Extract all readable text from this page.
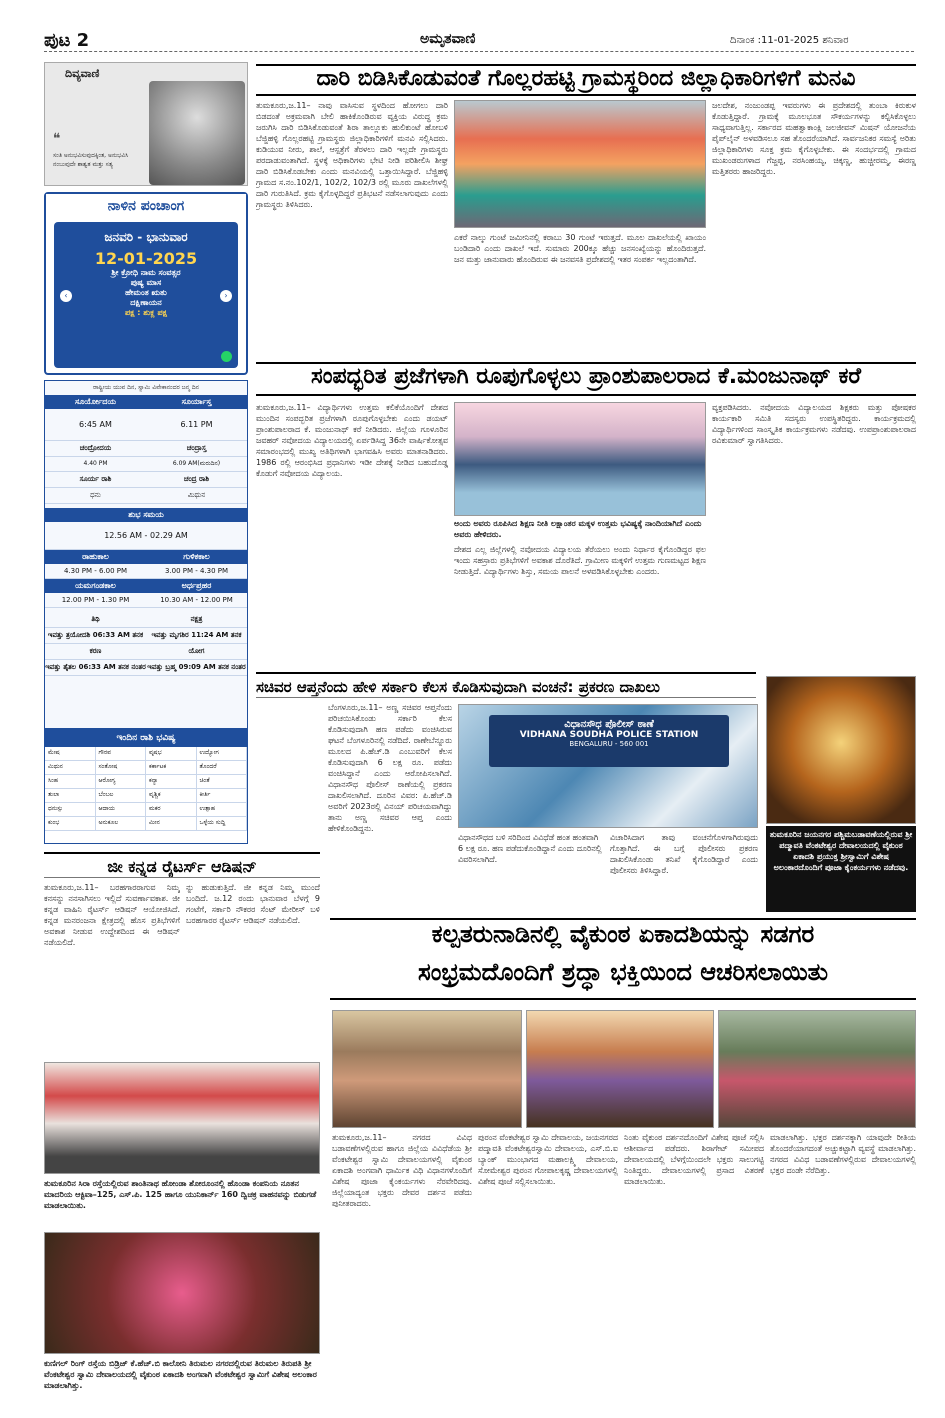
ಪುಟ 2	ಅಮೃತವಾಣಿ	ದಿನಾಂಕ :11-01-2025 ಶನಿವಾರ
ದಿವ್ಯವಾಣಿ
❝
ಸಂತಿ ಅನುಭವಿಸುವುದಕ್ಕಿಂತ, ಅನುಭವಿಸಿ ನಂಬುವುದೇ ಶಾಶ್ವತ ಮತ್ತು ಸತ್ಯ
ನಾಳಿನ ಪಂಚಾಂಗ
ಜನವರಿ - ಭಾನುವಾರ
12-01-2025
ಶ್ರೀ ಕ್ರೋಧಿ ನಾಮ ಸಂವತ್ಸರ
ಪುಷ್ಯ ಮಾಸ
ಹೇಮಂತ ಋತು
ದಕ್ಷಿಣಾಯನ
ಪಕ್ಷ : ಶುಕ್ಲ ಪಕ್ಷ
‹	›
ರಾಷ್ಟ್ರೀಯ ಯುವ ದಿನ, ಸ್ವಾಮಿ ವಿವೇಕಾನಂದರ ಜನ್ಮ ದಿನ
ಸೂರ್ಯೋದಯ	ಸೂರ್ಯಾಸ್ತ
6:45 AM	6.11 PM
ಚಂದ್ರೋದಯ	ಚಂದ್ರಾಸ್ತ
4.40 PM	6.09 AM(ಮರುದಿನ)
ಸೂರ್ಯ ರಾಶಿ	ಚಂದ್ರ ರಾಶಿ
ಧನು	ಮಿಥುನ
ಶುಭ ಸಮಯ
12.56 AM - 02.29 AM
ರಾಹುಕಾಲ	ಗುಳಿಕಕಾಲ
4.30 PM - 6.00 PM	3.00 PM - 4.30 PM
ಯಮಗಂಡಕಾಲ	ಅರ್ಧಪ್ರಹರ
12.00 PM - 1.30 PM	10.30 AM - 12.00 PM
ತಿಥಿ	ನಕ್ಷತ್ರ
ಇವತ್ತು ತ್ರಯೋದಶಿ 06:33 AM ತನಕ	ಇವತ್ತು ಮೃಗಶಿರ 11:24 AM ತನಕ
ಕರಣ	ಯೋಗ
ಇವತ್ತು ತೈತಲ 06:33 AM ತನಕ ನಂತರ ಇವತ್ತು ಬ್ರಹ್ಮ 09:09 AM ತನಕ ನಂತರ
ಇಂದಿನ ರಾಶಿ ಭವಿಷ್ಯ
ಮೇಷ	ಗೌರವ	ವೃಷಭ	ಉದ್ಯೋಗ
ಮಿಥುನ	ಸಂತೋಷ	ಕರ್ಕಾಟಕ	ತೊಂದರೆ
ಸಿಂಹ	ಆರೋಗ್ಯ	ಕನ್ಯಾ	ಚಿಂತೆ
ತುಲಾ	ಬೆಂಬಲ	ವೃಶ್ಚಿಕ	ಕೀರ್ತಿ
ಧನುಸ್ಸು	ಆದಾಯ	ಮಕರ	ಉತ್ಸಾಹ
ಕುಂಭ	ಅನುಕೂಲ	ಮೀನ	ಒಳ್ಳೆಯ ಸುದ್ದಿ
ಜೀ ಕನ್ನಡ ರೈಟರ್ಸ್ ಆಡಿಷನ್
ತುಮಕೂರು,ಜ.11– ಬರಹಗಾರರಾಗುವ ನಿಮ್ಮ ಕನಸನ್ನು ನನಸಾಗಿಸಲು ಇಲ್ಲಿದೆ ಸುವರ್ಣಾವಕಾಶ. ಜೀ ಕನ್ನಡ ವಾಹಿನಿ ರೈಟರ್ಸ್ ಆಡಿಷನ್ ಆಯೋಜಿಸಿದೆ. ಕನ್ನಡ ಮನರಂಜನಾ ಕ್ಷೇತ್ರದಲ್ಲಿ ಹೊಸ ಪ್ರತಿಭೆಗಳಿಗೆ ಅವಕಾಶ ನೀಡುವ ಉದ್ದೇಶದಿಂದ ಈ ಆಡಿಷನ್ ನಡೆಯಲಿದೆ.
ನ್ನು ಹುಡುಕುತ್ತಿದೆ. ಜೀ ಕನ್ನಡ ನಿಮ್ಮ ಮುಂದೆ ಬಂದಿದೆ. ಜ.12 ರಂದು ಭಾನುವಾರ ಬೆಳಗ್ಗೆ 9 ಗಂಟೆಗೆ, ಸರ್ಕಾರಿ ನೌಕರರ ಸೆಂಟ್ ಮೇರೀಸ್ ಬಳಿ ಬರಹಗಾರರ ರೈಟರ್ಸ್ ಆಡಿಷನ್ ನಡೆಯಲಿದೆ.
ತುಮಕೂರಿನ ಸಿರಾ ರಸ್ತೆಯಲ್ಲಿರುವ ಶಾಂತಿನಾಥ ಹೋಂಡಾ ಶೋರೂಂನಲ್ಲಿ ಹೊಂಡಾ ಕಂಪನಿಯ ನೂತನ ಮಾದರಿಯ ಆಕ್ಟಿವಾ–125, ಎಸ್.ಪಿ. 125 ಹಾಗೂ ಯುನಿಕಾರ್ನ್ 160 ದ್ವಿಚಕ್ರ ವಾಹನವನ್ನು ಬಿಡುಗಡೆ ಮಾಡಲಾಯಿತು.
ಕುಣಿಗಲ್ ರಿಂಗ್ ರಸ್ತೆಯ ಬಿಡ್ರಿಜ್ ಕೆ.ಹೆಚ್.ಬಿ ಕಾಲೋನಿ ತಿರುಮಲ ನಗರದಲ್ಲಿರುವ ತಿರುಮಲ ತಿರುಪತಿ ಶ್ರೀ ವೆಂಕಟೇಶ್ವರ ಸ್ವಾಮಿ ದೇವಾಲಯದಲ್ಲಿ ವೈಕುಂಠ ಏಕಾದಶಿ ಅಂಗವಾಗಿ ವೆಂಕಟೇಶ್ವರ ಸ್ವಾಮಿಗೆ ವಿಶೇಷ ಅಲಂಕಾರ ಮಾಡಲಾಗಿತ್ತು.
ದಾರಿ ಬಿಡಿಸಿಕೊಡುವಂತೆ ಗೊಲ್ಲರಹಟ್ಟಿ ಗ್ರಾಮಸ್ಥರಿಂದ ಜಿಲ್ಲಾಧಿಕಾರಿಗಳಿಗೆ ಮನವಿ
ತುಮಕೂರು,ಜ.11– ನಾವು ವಾಸಿಸುವ ಸ್ಥಳದಿಂದ ಹೋಗಲು ದಾರಿ ಬಿಡದಂತೆ ಅಕ್ರಮವಾಗಿ ಬೇಲಿ ಹಾಕಿಕೊಂಡಿರುವ ವ್ಯಕ್ತಿಯ ವಿರುದ್ಧ ಕ್ರಮ ಜರುಗಿಸಿ ದಾರಿ ಬಿಡಿಸಿಕೊಡುವಂತೆ ಶಿರಾ ತಾಲ್ಲೂಕು ಹುಲಿಕುಂಟೆ ಹೋಬಳಿ ಬೆಜ್ಜಿಹಳ್ಳಿ ಗೊಲ್ಲರಹಟ್ಟಿ ಗ್ರಾಮಸ್ಥರು ಜಿಲ್ಲಾಧಿಕಾರಿಗಳಿಗೆ ಮನವಿ ಸಲ್ಲಿಸಿದರು. ಕುಡಿಯುವ ನೀರು, ಶಾಲೆ, ಆಸ್ಪತ್ರೆಗೆ ತೆರಳಲು ದಾರಿ ಇಲ್ಲದೇ ಗ್ರಾಮಸ್ಥರು ಪರದಾಡುವಂತಾಗಿದೆ. ಸ್ಥಳಕ್ಕೆ ಅಧಿಕಾರಿಗಳು ಭೇಟಿ ನೀಡಿ ಪರಿಶೀಲಿಸಿ ಶೀಘ್ರ ದಾರಿ ಬಿಡಿಸಿಕೊಡಬೇಕು ಎಂದು ಮನವಿಯಲ್ಲಿ ಒತ್ತಾಯಿಸಿದ್ದಾರೆ. ಬೆಜ್ಜಿಹಳ್ಳಿ ಗ್ರಾಮದ ಸ.ನಂ.102/1, 102/2, 102/3 ರಲ್ಲಿ ಮೂರು ದಾಖಲೆಗಳಲ್ಲಿ ದಾರಿ ಗುರುತಿಸಿದೆ. ಕ್ರಮ ಕೈಗೊಳ್ಳದಿದ್ದರೆ ಪ್ರತಿಭಟನೆ ನಡೆಸಲಾಗುವುದು ಎಂದು ಗ್ರಾಮಸ್ಥರು ತಿಳಿಸಿದರು.
ಎಕರೆ ನಾಲ್ಕು ಗುಂಟೆ ಜಮೀನಿನಲ್ಲಿ ಕರಾಬು 30 ಗುಂಟೆ ಇರುತ್ತದೆ. ಮೂಲ ದಾಖಲೆಯಲ್ಲಿ ಖಾಯಂ ಬಂಡಿದಾರಿ ಎಂದು ದಾಖಲೆ ಇದೆ. ಸುಮಾರು 200ಕ್ಕೂ ಹೆಚ್ಚು ಜನಸಂಖ್ಯೆಯನ್ನು ಹೊಂದಿರುತ್ತದೆ. ಜನ ಮತ್ತು ಜಾನುವಾರು ಹೊಂದಿರುವ ಈ ಜನವಸತಿ ಪ್ರದೇಶದಲ್ಲಿ ಇತರ ಸಂಪರ್ಕ ಇಲ್ಲದಂತಾಗಿದೆ.
ಜಲದೇಶ, ನಂಜುಂಡಪ್ಪ ಇವರುಗಳು ಈ ಪ್ರದೇಶದಲ್ಲಿ ತುಂಬಾ ಕಿರುಕುಳ ಕೊಡುತ್ತಿದ್ದಾರೆ. ಗ್ರಾಮಕ್ಕೆ ಮೂಲಭೂತ ಸೌಕರ್ಯಗಳನ್ನು ಕಲ್ಪಿಸಿಕೊಳ್ಳಲು ಸಾಧ್ಯವಾಗುತ್ತಿಲ್ಲ. ಸರ್ಕಾರದ ಮಹತ್ವಾಕಾಂಕ್ಷಿ ಜಲಜೀವನ್ ಮಿಷನ್ ಯೋಜನೆಯ ಪೈಪ್‌ಲೈನ್ ಅಳವಡಿಸಲೂ ಸಹ ತೊಂದರೆಯಾಗಿದೆ. ಸಾರ್ವಜನಿಕರ ಸಮಸ್ಯೆ ಅರಿತು ಜಿಲ್ಲಾಧಿಕಾರಿಗಳು ಸೂಕ್ತ ಕ್ರಮ ಕೈಗೊಳ್ಳಬೇಕು. ಈ ಸಂದರ್ಭದಲ್ಲಿ ಗ್ರಾಮದ ಮುಖಂಡರುಗಳಾದ ಗೆಜ್ಜಪ್ಪ, ನರಸಿಂಹಯ್ಯ, ಚಿಕ್ಕಣ್ಣ, ಹುಚ್ಚೀರಮ್ಮ, ಈರಣ್ಣ ಮತ್ತಿತರರು ಹಾಜರಿದ್ದರು.
ಸಂಪದ್ಭರಿತ ಪ್ರಜೆಗಳಾಗಿ ರೂಪುಗೊಳ್ಳಲು ಪ್ರಾಂಶುಪಾಲರಾದ ಕೆ.ಮಂಜುನಾಥ್ ಕರೆ
ತುಮಕೂರು,ಜ.11– ವಿದ್ಯಾರ್ಥಿಗಳು ಉತ್ತಮ ಕಲಿಕೆಯೊಂದಿಗೆ ದೇಶದ ಮುಂದಿನ ಸಂಪದ್ಭರಿತ ಪ್ರಜೆಗಳಾಗಿ ರೂಪುಗೊಳ್ಳಬೇಕು ಎಂದು ಡಯಟ್ ಪ್ರಾಂಶುಪಾಲರಾದ ಕೆ. ಮಂಜುನಾಥ್ ಕರೆ ನೀಡಿದರು. ಜಿಲ್ಲೆಯ ಗೂಳೂರಿನ ಜವಹರ್ ನವೋದಯ ವಿದ್ಯಾಲಯದಲ್ಲಿ ಏರ್ಪಡಿಸಿದ್ದ 36ನೇ ವಾರ್ಷಿಕೋತ್ಸವ ಸಮಾರಂಭದಲ್ಲಿ ಮುಖ್ಯ ಅತಿಥಿಗಳಾಗಿ ಭಾಗವಹಿಸಿ ಅವರು ಮಾತನಾಡಿದರು. 1986 ರಲ್ಲಿ ಆರಂಭಿಸಿದ ಪ್ರಧಾನಿಗಳು ಇಡೀ ದೇಶಕ್ಕೆ ನೀಡಿದ ಬಹುದೊಡ್ಡ ಕೊಡುಗೆ ನವೋದಯ ವಿದ್ಯಾಲಯ.
ಅಂದು ಅವರು ರೂಪಿಸಿದ ಶಿಕ್ಷಣ ನೀತಿ ಲಕ್ಷಾಂತರ ಮಕ್ಕಳ ಉತ್ತಮ ಭವಿಷ್ಯಕ್ಕೆ ನಾಂದಿಯಾಗಿದೆ ಎಂದು ಅವರು ಹೇಳಿದರು.
ದೇಶದ ಎಲ್ಲ ಜಿಲ್ಲೆಗಳಲ್ಲಿ ನವೋದಯ ವಿದ್ಯಾಲಯ ತೆರೆಯಲು ಅಂದು ನಿರ್ಧಾರ ಕೈಗೊಂಡಿದ್ದರ ಫಲ ಇಂದು ಸಹಸ್ರಾರು ಪ್ರತಿಭೆಗಳಿಗೆ ಅವಕಾಶ ದೊರೆತಿದೆ. ಗ್ರಾಮೀಣ ಮಕ್ಕಳಿಗೆ ಉತ್ತಮ ಗುಣಮಟ್ಟದ ಶಿಕ್ಷಣ ನೀಡುತ್ತಿದೆ. ವಿದ್ಯಾರ್ಥಿಗಳು ಶಿಸ್ತು, ಸಮಯ ಪಾಲನೆ ಅಳವಡಿಸಿಕೊಳ್ಳಬೇಕು ಎಂದರು.
ವ್ಯಕ್ತಪಡಿಸಿದರು. ನವೋದಯ ವಿದ್ಯಾಲಯದ ಶಿಕ್ಷಕರು ಮತ್ತು ಪೋಷಕರ ಕಾರ್ಯಕಾರಿ ಸಮಿತಿ ಸದಸ್ಯರು ಉಪಸ್ಥಿತರಿದ್ದರು. ಕಾರ್ಯಕ್ರಮದಲ್ಲಿ ವಿದ್ಯಾರ್ಥಿಗಳಿಂದ ಸಾಂಸ್ಕೃತಿಕ ಕಾರ್ಯಕ್ರಮಗಳು ನಡೆದವು. ಉಪಪ್ರಾಂಶುಪಾಲರಾದ ರವಿಕುಮಾರ್ ಸ್ವಾಗತಿಸಿದರು.
ಸಚಿವರ ಆಪ್ತನೆಂದು ಹೇಳಿ ಸರ್ಕಾರಿ ಕೆಲಸ ಕೊಡಿಸುವುದಾಗಿ ವಂಚನೆ: ಪ್ರಕರಣ ದಾಖಲು
ಬೆಂಗಳೂರು,ಜ.11– ಅಣ್ಣ ಸಚಿವರ ಆಪ್ತನೆಂದು ಪರಿಚಯಿಸಿಕೊಂಡು ಸರ್ಕಾರಿ ಕೆಲಸ ಕೊಡಿಸುವುದಾಗಿ ಹಣ ಪಡೆದು ವಂಚಿಸಿರುವ ಘಟನೆ ಬೆಂಗಳೂರಿನಲ್ಲಿ ನಡೆದಿದೆ. ರಾಣೇಬೆನ್ನೂರು ಮೂಲದ ಪಿ.ಹೆಚ್.ಡಿ ಎಂಬುವರಿಗೆ ಕೆಲಸ ಕೊಡಿಸುವುದಾಗಿ 6 ಲಕ್ಷ ರೂ. ಪಡೆದು ವಂಚಿಸಿದ್ದಾನೆ ಎಂದು ಆರೋಪಿಸಲಾಗಿದೆ. ವಿಧಾನಸೌಧ ಪೊಲೀಸ್ ಠಾಣೆಯಲ್ಲಿ ಪ್ರಕರಣ ದಾಖಲಿಸಲಾಗಿದೆ. ದೂರಿನ ವಿವರ: ಪಿ.ಹೆಚ್.ಡಿ ಅವರಿಗೆ 2023ರಲ್ಲಿ ವಿನಯ್ ಪರಿಚಯವಾಗಿದ್ದು ತಾನು ಅಣ್ಣ ಸಚಿವರ ಆಪ್ತ ಎಂದು ಹೇಳಿಕೊಂಡಿದ್ದನು.
ವಿಧಾನಸೌಧ ಪೊಲೀಸ್ ಠಾಣೆ
VIDHANA SOUDHA POLICE STATION
BENGALURU - 560 001
ವಿಧಾನಸೌಧದ ಬಳಿ ಸರಿದಿಂದ ವಿವಿಧೆಡೆ ಹಂತ ಹಂತವಾಗಿ 6 ಲಕ್ಷ ರೂ. ಹಣ ಪಡೆದುಕೊಂಡಿದ್ದಾನೆ ಎಂದು ದೂರಿನಲ್ಲಿ ವಿವರಿಸಲಾಗಿದೆ.
ವಿಚಾರಿಸಿದಾಗ ತಾವು ವಂಚನೆಗೊಳಗಾಗಿರುವುದು ಗೊತ್ತಾಗಿದೆ. ಈ ಬಗ್ಗೆ ಪೊಲೀಸರು ಪ್ರಕರಣ ದಾಖಲಿಸಿಕೊಂಡು ತನಿಖೆ ಕೈಗೊಂಡಿದ್ದಾರೆ ಎಂದು ಪೊಲೀಸರು ತಿಳಿಸಿದ್ದಾರೆ.
ತುಮಕೂರಿನ ಜಯನಗರ ಪಶ್ಚಿಮಬಡಾವಣೆಯಲ್ಲಿರುವ ಶ್ರೀ ಪದ್ಮಾವತಿ ವೆಂಕಟೇಶ್ವರ ದೇವಾಲಯದಲ್ಲಿ ವೈಕುಂಠ ಏಕಾದಶಿ ಪ್ರಯುಕ್ತ ಶ್ರೀಸ್ವಾಮಿಗೆ ವಿಶೇಷ ಅಲಂಕಾರದೊಂದಿಗೆ ಪೂಜಾ ಕೈಂಕರ್ಯಗಳು ನಡೆದವು.
ಕಲ್ಪತರುನಾಡಿನಲ್ಲಿ ವೈಕುಂಠ ಏಕಾದಶಿಯನ್ನು ಸಡಗರ
ಸಂಭ್ರಮದೊಂದಿಗೆ ಶ್ರದ್ಧಾ ಭಕ್ತಿಯಿಂದ ಆಚರಿಸಲಾಯಿತು
ತುಮಕೂರು,ಜ.11– ನಗರದ ವಿವಿಧ ಬಡಾವಣೆಗಳಲ್ಲಿರುವ ಹಾಗೂ ಜಿಲ್ಲೆಯ ವಿವಿಧೆಡೆಯ ಶ್ರೀ ವೆಂಕಟೇಶ್ವರ ಸ್ವಾಮಿ ದೇವಾಲಯಗಳಲ್ಲಿ ವೈಕುಂಠ ಏಕಾದಶಿ ಅಂಗವಾಗಿ ಧಾರ್ಮಿಕ ವಿಧಿ ವಿಧಾನಗಳೊಂದಿಗೆ ವಿಶೇಷ ಪೂಜಾ ಕೈಂಕರ್ಯಗಳು ನೆರವೇರಿದವು. ಜಿಲ್ಲೆಯಾದ್ಯಂತ ಭಕ್ತರು ದೇವರ ದರ್ಶನ ಪಡೆದು ಪುನೀತರಾದರು.
ಪುರಂನ ವೆಂಕಟೇಶ್ವರ ಸ್ವಾಮಿ ದೇವಾಲಯ, ಜಯನಗರದ ಪದ್ಮಾವತಿ ವೆಂಕಟೇಶ್ವರಸ್ವಾಮಿ ದೇವಾಲಯ, ಎಸ್.ಬಿ.ಐ ಬ್ಯಾಂಕ್ ಮುಂಭಾಗದ ಮಹಾಲಕ್ಷ್ಮಿ ದೇವಾಲಯ, ಸೋಮೇಶ್ವರ ಪುರಂನ ಗೋಪಾಲಕೃಷ್ಣ ದೇವಾಲಯಗಳಲ್ಲಿ ವಿಶೇಷ ಪೂಜೆ ಸಲ್ಲಿಸಲಾಯಿತು.
ನಿಂತು ವೈಕುಂಠ ದರ್ಶನದೊಂದಿಗೆ ವಿಶೇಷ ಪೂಜೆ ಸಲ್ಲಿಸಿ ಆಶೀರ್ವಾದ ಪಡೆದರು. ಶಿರಾಗೇಟ್ ಸಮೀಪದ ದೇವಾಲಯದಲ್ಲಿ ಬೆಳಗ್ಗೆಯಿಂದಲೇ ಭಕ್ತರು ಸಾಲುಗಟ್ಟಿ ನಿಂತಿದ್ದರು. ದೇವಾಲಯಗಳಲ್ಲಿ ಪ್ರಸಾದ ವಿತರಣೆ ಮಾಡಲಾಯಿತು.
ಮಾಡಲಾಗಿತ್ತು. ಭಕ್ತರ ದರ್ಶನಕ್ಕಾಗಿ ಯಾವುದೇ ರೀತಿಯ ತೊಂದರೆಯಾಗದಂತೆ ಅಚ್ಚುಕಟ್ಟಾಗಿ ವ್ಯವಸ್ಥೆ ಮಾಡಲಾಗಿತ್ತು. ನಗರದ ವಿವಿಧ ಬಡಾವಣೆಗಳಲ್ಲಿರುವ ದೇವಾಲಯಗಳಲ್ಲಿ ಭಕ್ತರ ದಂಡೇ ನೆರೆದಿತ್ತು.
